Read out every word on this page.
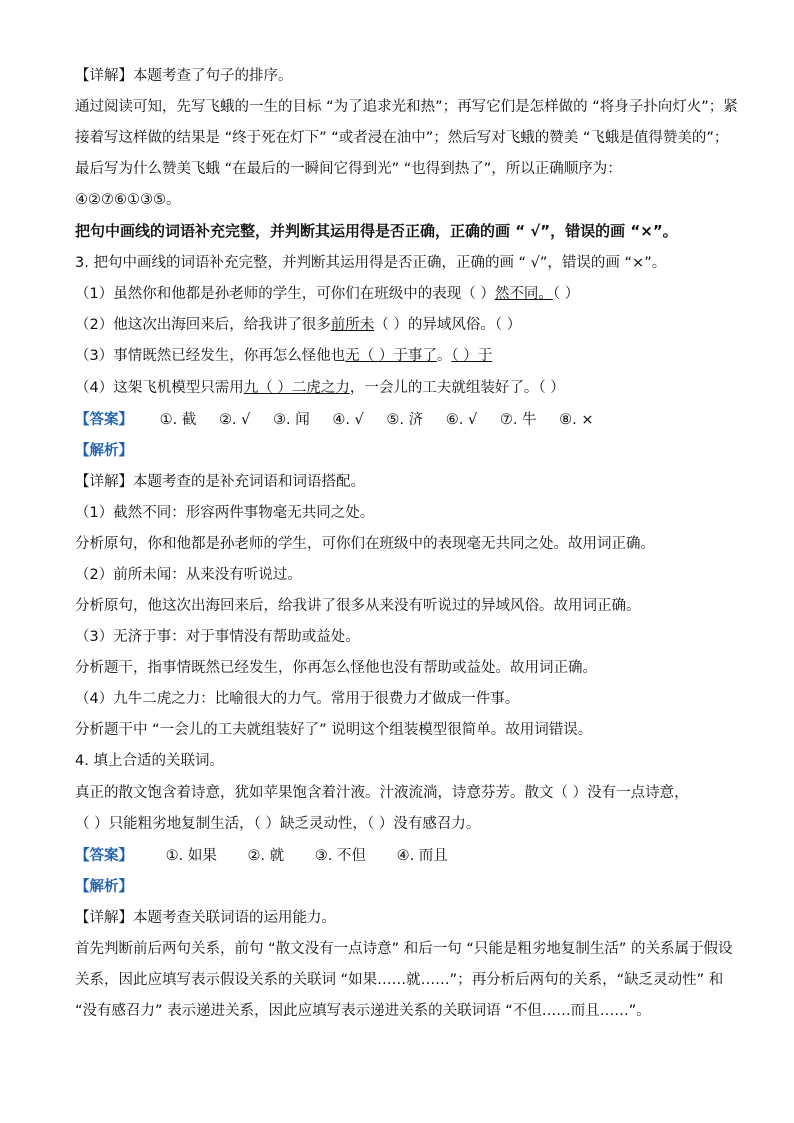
【详解】本题考查了句子的排序。
通过阅读可知，先写飞蛾的一生的目标 “为了追求光和热”；再写它们是怎样做的 “将身子扑向灯火”；紧
接着写这样做的结果是 “终于死在灯下” “或者浸在油中”；然后写对飞蛾的赞美 “飞蛾是值得赞美的”；
最后写为什么赞美飞蛾 “在最后的一瞬间它得到光” “也得到热了”，所以正确顺序为：
④②⑦⑥①③⑤。
把句中画线的词语补充完整，并判断其运用得是否正确，正确的画 “ √”，错误的画 “×”。
3. 把句中画线的词语补充完整，并判断其运用得是否正确，正确的画 “ √”，错误的画 “×”。
（1）虽然你和他都是孙老师的学生，可你们在班级中的表现（ ）然不同。（ ）
（2）他这次出海回来后，给我讲了很多前所未（ ）的异域风俗。（ ）
（3）事情既然已经发生，你再怎么怪他也无（ ）于事了。（ ）于
（4）这架飞机模型只需用九（ ）二虎之力，一会儿的工夫就组装好了。（ ）
【答案】 ①. 截 ②. √ ③. 闻 ④. √ ⑤. 济 ⑥. √ ⑦. 牛 ⑧. ×
【解析】
【详解】本题考查的是补充词语和词语搭配。
（1）截然不同：形容两件事物毫无共同之处。
分析原句，你和他都是孙老师的学生，可你们在班级中的表现毫无共同之处。故用词正确。
（2）前所未闻：从来没有听说过。
分析原句，他这次出海回来后，给我讲了很多从来没有听说过的异域风俗。故用词正确。
（3）无济于事：对于事情没有帮助或益处。
分析题干，指事情既然已经发生，你再怎么怪他也没有帮助或益处。故用词正确。
（4）九牛二虎之力：比喻很大的力气。常用于很费力才做成一件事。
分析题干中 “一会儿的工夫就组装好了” 说明这个组装模型很简单。故用词错误。
4. 填上合适的关联词。
真正的散文饱含着诗意，犹如苹果饱含着汁液。汁液流淌，诗意芬芳。散文（ ）没有一点诗意，
（ ）只能粗劣地复制生活，（ ）缺乏灵动性，（ ）没有感召力。
【答案】 ①. 如果 ②. 就 ③. 不但 ④. 而且
【解析】
【详解】本题考查关联词语的运用能力。
首先判断前后两句关系，前句 “散文没有一点诗意” 和后一句 “只能是粗劣地复制生活” 的关系属于假设
关系，因此应填写表示假设关系的关联词 “如果……就……”；再分析后两句的关系，“缺乏灵动性” 和
“没有感召力” 表示递进关系，因此应填写表示递进关系的关联词语 “不但……而且……”。
